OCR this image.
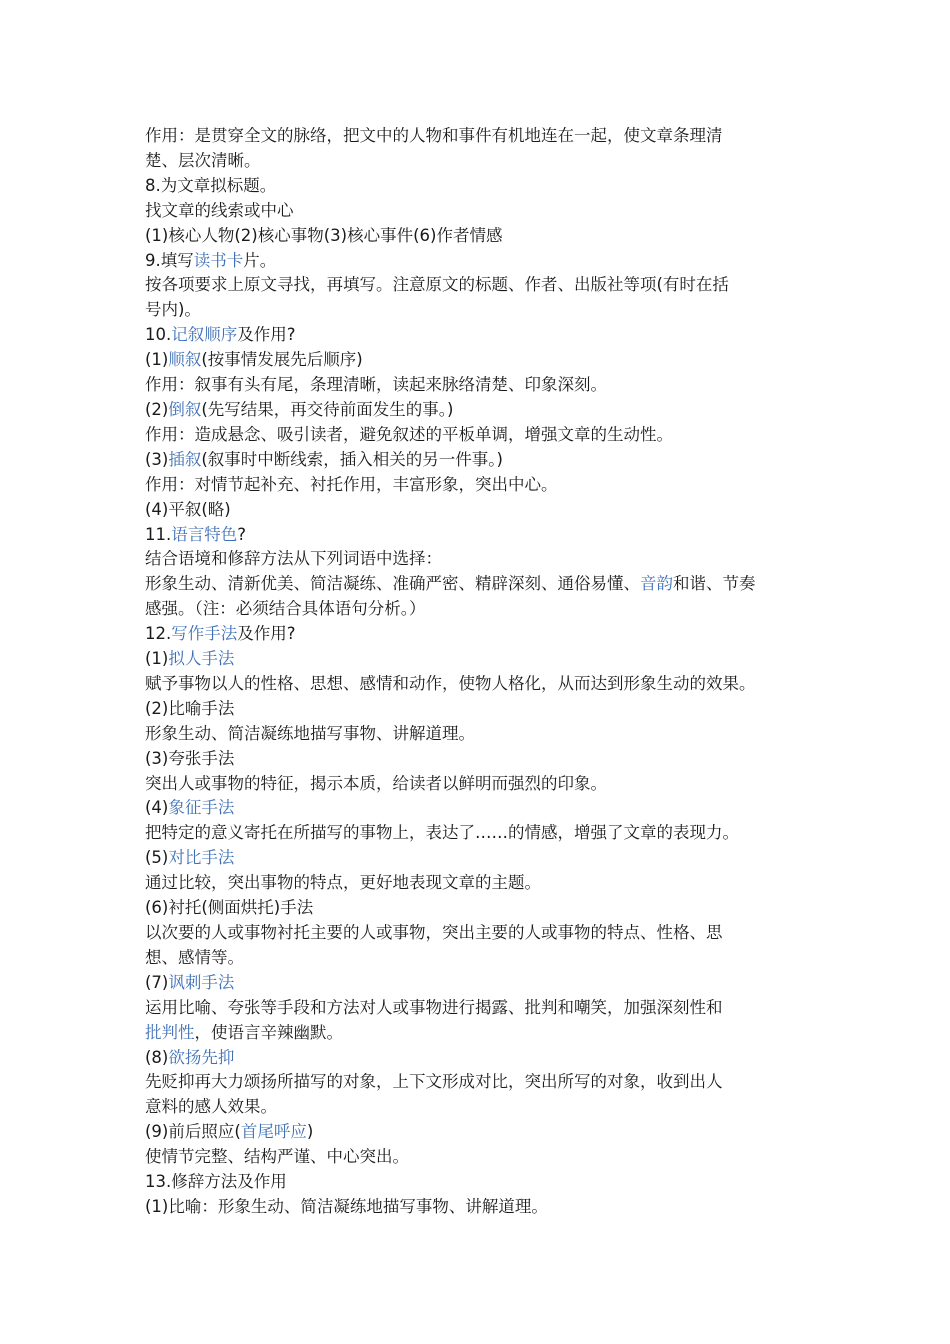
作用：是贯穿全文的脉络，把文中的人物和事件有机地连在一起，使文章条理清
楚、层次清晰。
8.为文章拟标题。
找文章的线索或中心
(1)核心人物(2)核心事物(3)核心事件(6)作者情感
9.填写读书卡片。
按各项要求上原文寻找，再填写。注意原文的标题、作者、出版社等项(有时在括
号内)。
10.记叙顺序及作用?
(1)顺叙(按事情发展先后顺序)
作用：叙事有头有尾，条理清晰，读起来脉络清楚、印象深刻。
(2)倒叙(先写结果，再交待前面发生的事。)
作用：造成悬念、吸引读者，避免叙述的平板单调，增强文章的生动性。
(3)插叙(叙事时中断线索，插入相关的另一件事。)
作用：对情节起补充、衬托作用，丰富形象，突出中心。
(4)平叙(略)
11.语言特色?
结合语境和修辞方法从下列词语中选择：
形象生动、清新优美、简洁凝练、准确严密、精辟深刻、通俗易懂、音韵和谐、节奏
感强。（注：必须结合具体语句分析。）
12.写作手法及作用?
(1)拟人手法
赋予事物以人的性格、思想、感情和动作，使物人格化，从而达到形象生动的效果。
(2)比喻手法
形象生动、简洁凝练地描写事物、讲解道理。
(3)夸张手法
突出人或事物的特征，揭示本质，给读者以鲜明而强烈的印象。
(4)象征手法
把特定的意义寄托在所描写的事物上，表达了……的情感，增强了文章的表现力。
(5)对比手法
通过比较，突出事物的特点，更好地表现文章的主题。
(6)衬托(侧面烘托)手法
以次要的人或事物衬托主要的人或事物，突出主要的人或事物的特点、性格、思
想、感情等。
(7)讽刺手法
运用比喻、夸张等手段和方法对人或事物进行揭露、批判和嘲笑，加强深刻性和
批判性，使语言辛辣幽默。
(8)欲扬先抑
先贬抑再大力颂扬所描写的对象，上下文形成对比，突出所写的对象，收到出人
意料的感人效果。
(9)前后照应(首尾呼应)
使情节完整、结构严谨、中心突出。
13.修辞方法及作用
(1)比喻：形象生动、简洁凝练地描写事物、讲解道理。
